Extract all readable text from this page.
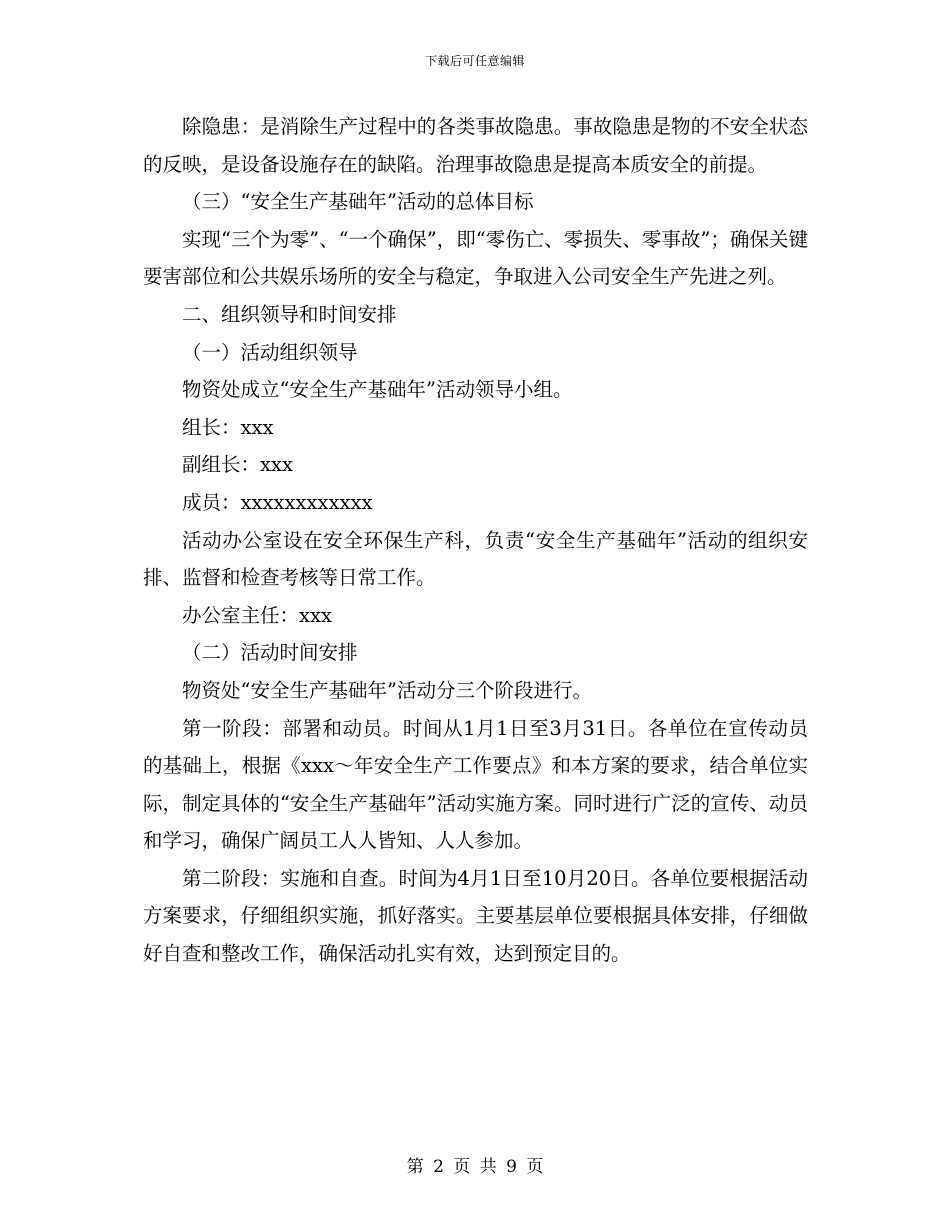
下载后可任意编辑

除隐患：是消除生产过程中的各类事故隐患。事故隐患是物的不安全状态的反映，是设备设施存在的缺陷。治理事故隐患是提高本质安全的前提。

（三）“安全生产基础年”活动的总体目标

实现“三个为零”、“一个确保”，即“零伤亡、零损失、零事故”；确保关键要害部位和公共娱乐场所的安全与稳定，争取进入公司安全生产先进之列。

二、组织领导和时间安排

（一）活动组织领导

物资处成立“安全生产基础年”活动领导小组。

组长：xxx

副组长：xxx

成员：xxxxxxxxxxxx

活动办公室设在安全环保生产科，负责“安全生产基础年”活动的组织安排、监督和检查考核等日常工作。

办公室主任：xxx

（二）活动时间安排

物资处“安全生产基础年”活动分三个阶段进行。

第一阶段：部署和动员。时间从1月1日至3月31日。各单位在宣传动员的基础上，根据《xxx～年安全生产工作要点》和本方案的要求，结合单位实际，制定具体的“安全生产基础年”活动实施方案。同时进行广泛的宣传、动员和学习，确保广阔员工人人皆知、人人参加。

第二阶段：实施和自查。时间为4月1日至10月20日。各单位要根据活动方案要求，仔细组织实施，抓好落实。主要基层单位要根据具体安排，仔细做好自查和整改工作，确保活动扎实有效，达到预定目的。

第 2 页 共 9 页
